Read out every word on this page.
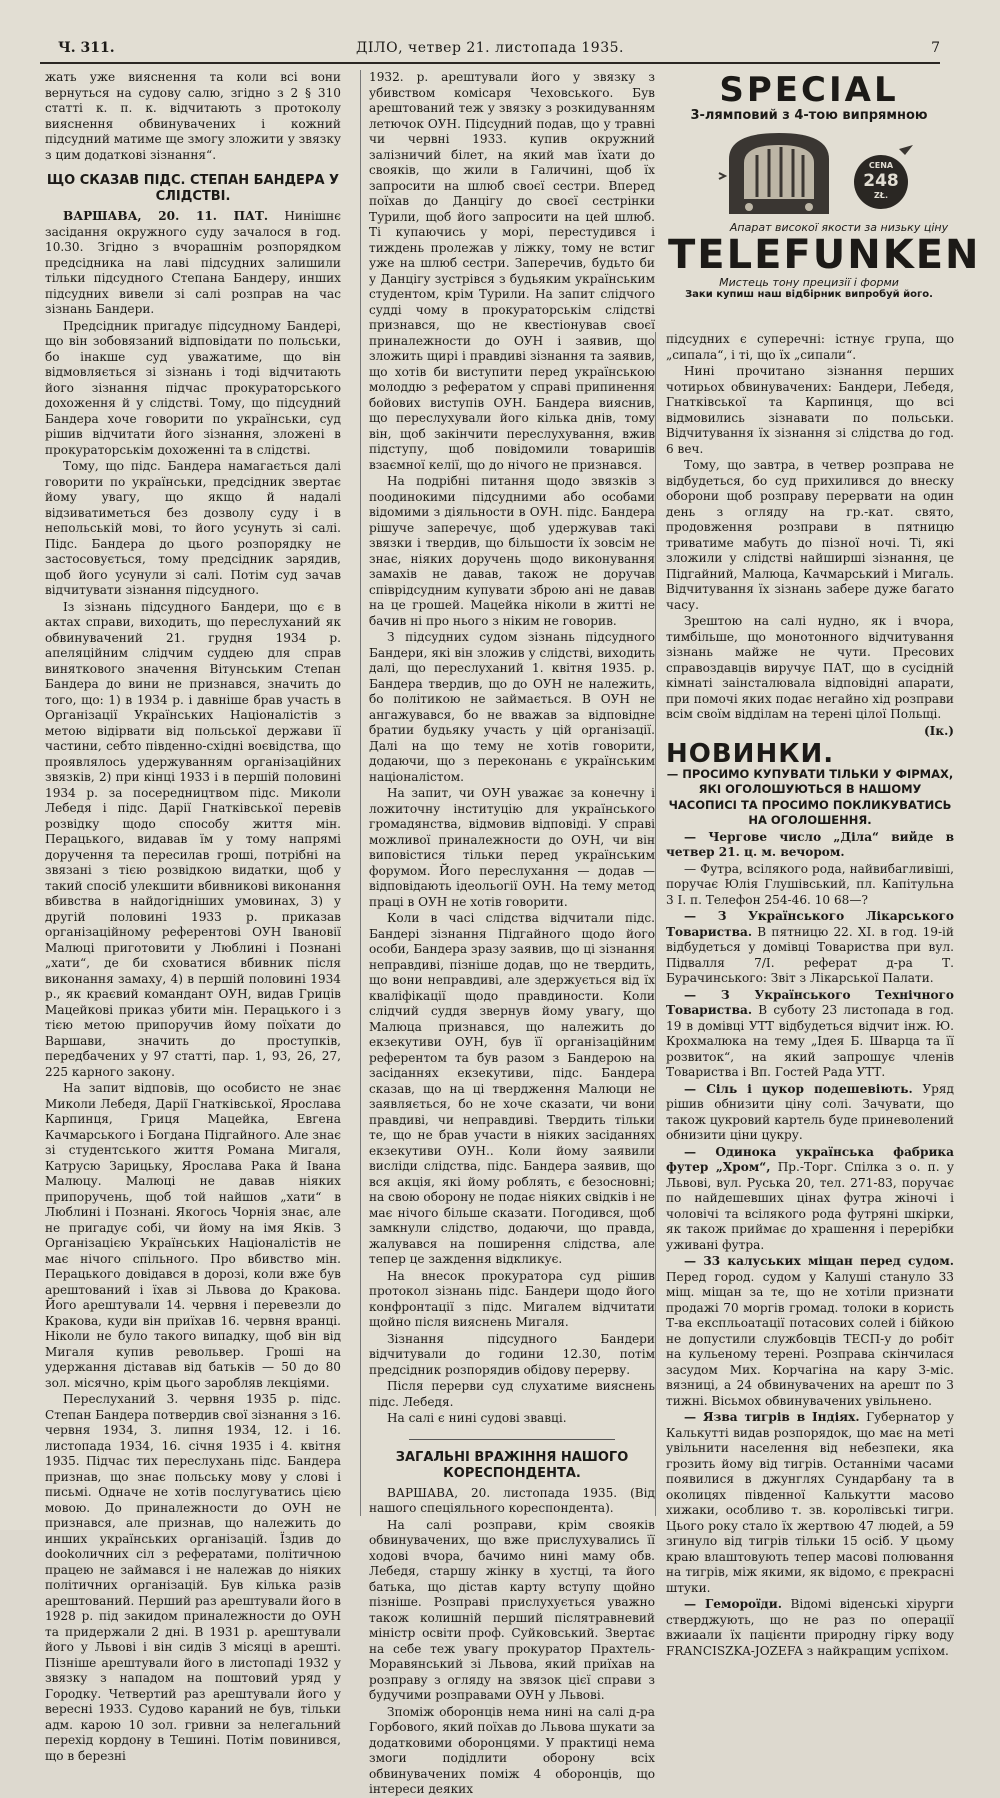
Ч. 311.	ДІЛО, четвер 21. листопада 1935.	7

жать уже вияснення та коли всі вони вернуться на судову салю, згідно з 2 § 310 статті к. п. к. відчитають з протоколу вияснення обвинувачених і кожний підсудний матиме ще змогу зложити у звязку з цим додаткові зізнання“.

ЩО СКАЗАВ ПІДС. СТЕПАН БАНДЕРА У СЛІДСТВІ.

ВАРШАВА, 20. 11. ПАТ. Нинішнє засідання окружного суду зачалося в год. 10.30. Згідно з вчорашнім розпорядком предсідника на лаві підсудних залишили тільки підсудного Степана Бандеру, инших підсудних вивели зі салі розправ на час зізнань Бандери.

Предсідник пригадує підсудному Бандері, що він зобовязаний відповідати по польськи, бо інакше суд уважатиме, що він відмовляється зі зізнань і тоді відчитають його зізнання підчас прокураторського дохоження й у слідстві. Тому, що підсудний Бандера хоче говорити по українськи, суд рішив відчитати його зізнання, зложені в прокураторськім дохоженні та в слідстві.

Тому, що підс. Бандера намагається далі говорити по українськи, предсідник звертає йому увагу, що якщо й надалі відзиватиметься без дозволу суду і в непольській мові, то його усунуть зі салі. Підс. Бандера до цього розпорядку не застосовується, тому предсідник зарядив, щоб його усунули зі салі. Потім суд зачав відчитувати зізнання підсудного.

Із зізнань підсудного Бандери, що є в актах справи, виходить, що переслуханий як обвинувачений 21. грудня 1934 р. апеляційним слідчим суддею для справ виняткового значення Вітунським Степан Бандера до вини не признався, значить до того, що: 1) в 1934 р. і давніше брав участь в Організації Українських Націоналістів з метою відірвати від польської держави її частини, себто південно-східні воєвідства, що проявлялось удержуванням організаційних звязків, 2) при кінці 1933 і в першій половині 1934 р. за посередництвом підс. Миколи Лебедя і підс. Дарії Гнатківської перевів розвідку щодо способу життя мін. Перацького, видавав їм у тому напрямі доручення та пересилав гроші, потрібні на звязані з тією розвідкою видатки, щоб у такий спосіб улекшити вбивникові виконання вбивства в найдогідніших умовинах, 3) у другій половині 1933 р. приказав організаційному референтові ОУН Івановії Малюці приготовити у Люблині і Познані „хати“, де би сховатися вбивник після виконання замаху, 4) в першій половині 1934 р., як краєвий командант ОУН, видав Гриців Мацейкові приказ убити мін. Перацького і з тією метою припоручив йому поїхати до Варшави, значить до проступків, передбачених у 97 статті, пар. 1, 93, 26, 27, 225 карного закону.

На запит відповів, що особисто не знає Миколи Лебедя, Дарії Гнатківської, Ярослава Карпинця, Гриця Мацейка, Евгена Качмарського і Богдана Підгайного. Але знає зі студентського життя Романа Мигаля, Катрусю Зарицьку, Ярослава Рака й Івана Малюцу. Малюці не давав ніяких припоручень, щоб той найшов „хати“ в Люблині і Познані. Якогось Чорнія знає, але не пригадує собі, чи йому на імя Яків. З Організацією Українських Націоналістів не має нічого спільного. Про вбивство мін. Перацького довідався в дорозі, коли вже був арештований і їхав зі Львова до Кракова. Його арештували 14. червня і перевезли до Кракова, куди він приїхав 16. червня вранці. Ніколи не було такого випадку, щоб він від Мигаля купив револьвер. Гроші на удержання діставав від батьків — 50 до 80 зол. місячно, крім цього заробляв лекціями.

Переслуханий 3. червня 1935 р. підс. Степан Бандера потвердив свої зізнання з 16. червня 1934, 3. липня 1934, 12. і 16. листопада 1934, 16. січня 1935 і 4. квітня 1935. Підчас тих переслухань підс. Бандера признав, що знає польську мову у слові і письмі. Одначе не хотів послугуватись цією мовою. До приналежности до ОУН не признався, але признав, що належить до инших українських організацій. Їздив до dookoличних сіл з рефератами, політичною працею не займався і не належав до ніяких політичних організацій. Був кілька разів арештований. Перший раз арештували його в 1928 р. під закидом приналежности до ОУН та придержали 2 дні. В 1931 р. арештували його у Львові і він сидів 3 місяці в арешті. Пізніше арештували його в листопаді 1932 у звязку з нападом на поштовий уряд у Городку. Четвертий раз арештували його у вересні 1933. Судово караний не був, тільки адм. карою 10 зол. гривни за нелегальний перехід кордону в Тешині. Потім повинився, що в березні

1932. р. арештували його у звязку з убивством комісаря Чеховського. Був арештований теж у звязку з розкидуванням летючок ОУН. Підсудний подав, що у травні чи червні 1933. купив окружний залізничий білет, на який мав їхати до свояків, що жили в Галичині, щоб їх запросити на шлюб своєї сестри. Вперед поїхав до Данцігу до своєї сестрінки Турили, щоб його запросити на цей шлюб. Ті купаючись у морі, перестудився і тиждень пролежав у ліжку, тому не встиг уже на шлюб сестри. Заперечив, будьто би у Данцігу зустрівся з будьяким українським студентом, крім Турили. На запит слідчого судді чому в прокураторськім слідстві признався, що не квестіонував своєї приналежности до ОУН і заявив, що зложить щирі і правдиві зізнання та заявив, що хотів би виступити перед українською молоддю з рефератом у справі припинення бойових виступів ОУН. Бандера вияснив, що переслухували його кілька днів, тому він, щоб закінчити переслухування, вжив підступу, щоб повідомили товаришів взаємної келії, що до нічого не признався.

На подрібні питання щодо звязків з поодинокими підсудними або особами відомими з діяльности в ОУН. підс. Бандера рішуче заперечує, щоб удержував такі звязки і твердив, що більшости їх зовсім не знає, ніяких доручень щодо виконування замахів не давав, також не доручав співрідсудним купувати зброю ані не давав на це грошей. Мацейка ніколи в житті не бачив ні про нього з ніким не говорив.

З підсудних судом зізнань підсудного Бандери, які він зложив у слідстві, виходить далі, що переслуханий 1. квітня 1935. р. Бандера твердив, що до ОУН не належить, бо політикою не займається. В ОУН не ангажувався, бо не вважав за відповідне братии будьяку участь у цій організації. Далі на що тему не хотів говорити, додаючи, що з переконань є українським націоналістом.

На запит, чи ОУН уважає за конечну і ложиточну інституцію для українського громадянства, відмовив відповіді. У справі можливої приналежности до ОУН, чи він виповістися тільки перед українським форумом. Його переслухання — додав — відповідають ідеольогії ОУН. На тему метод праці в ОУН не хотів говорити.

Коли в часі слідства відчитали підс. Бандері зізнання Підгайного щодо його особи, Бандера зразу заявив, що ці зізнання неправдиві, пізніше додав, що не твердить, що вони неправдиві, але здержується від їх кваліфікації щодо правдиности. Коли слідчий суддя звернув йому увагу, що Малюца признався, що належить до екзекутиви ОУН, був її організаційним референтом та був разом з Бандерою на засіданнях екзекутиви, підс. Бандера сказав, що на ці твердження Малюци не заявляється, бо не хоче сказати, чи вони правдиві, чи неправдиві. Твердить тільки те, що не брав участи в ніяких засіданнях екзекутиви ОУН.. Коли йому заявили висліди слідства, підс. Бандера заявив, що вся акція, які йому роблять, є безосновні; на свою оборону не подає ніяких свідків і не має нічого більше сказати. Погодився, щоб замкнули слідство, додаючи, що правда, жалувався на поширення слідства, але тепер це заждення відкликує.

На внесок прокуратора суд рішив протокол зізнань підс. Бандери щодо його конфронтації з підс. Мигалем відчитати щойно після вияснень Мигаля.

Зізнання підсудного Бандери відчитували до години 12.30, потім предсідник розпорядив обідову перерву.

Після перерви суд слухатиме вияснень підс. Лебедя.

На салі є нині судові звавці.

ЗАГАЛЬНІ ВРАЖІННЯ НАШОГО КОРЕСПОНДЕНТА.

ВАРШАВА, 20. листопада 1935. (Від нашого спеціяльного кореспондента).

На салі розправи, крім свояків обвинувачених, що вже прислухувались її ходові вчора, бачимо нині маму обв. Лебедя, старшу жінку в хустці, та його батька, що дістав карту вступу щойно пізніше. Розправі прислухується уважно також колишній перший післятравневий міністр освіти проф. Суйковський. Звертає на себе теж увагу прокуратор Прахтель-Моравянський зі Львова, який приїхав на розправу з огляду на звязок цієї справи з будучими розправами ОУН у Львові.

Зпоміж оборонців нема нині на салі д-ра Горбового, який поїхав до Львова шукати за додатковими оборонцями. У практиці нема змоги подідлити оборону всіх обвинувачених поміж 4 оборонців, що інтереси деяких

SPECIAL
3-лямповий з 4-тою випрямною
CENA
248
ZŁ.
Апарат високої якости за низьку ціну
TELEFUNKEN
Мистець тону прецизії і форми
Заки купиш наш відбірник випробуй його.

підсудних є суперечні: істнує група, що „сипала“, і ті, що їх „сипали“.

Нині прочитано зізнання перших чотирьох обвинувачених: Бандери, Лебедя, Гнатківської та Карпинця, що всі відмовились зізнавати по польськи. Відчитування їх зізнання зі слідства до год. 6 веч.

Тому, що завтра, в четвер розправа не відбудеться, бо суд прихилився до внеску оборони щоб розправу перервати на один день з огляду на гр.-кат. свято, продовження розправи в пятницю триватиме мабуть до пізної ночі. Ті, які зложили у слідстві найширші зізнання, це Підгайний, Малюца, Качмарський і Мигаль. Відчитування їх зізнань забере дуже багато часу.

Зрештою на салі нудно, як і вчора, тимбільше, що монотонного відчитування зізнань майже не чути. Пресових справоздавців виручує ПАТ, що в сусідній кімнаті заінсталювала відповідні апарати, при помочі яких подає негайно хід розправи всім своїм відділам на терені цілої Польщі.

(Ік.)
НОВИНКИ.

— ПРОСИМО КУПУВАТИ ТІЛЬКИ У ФІРМАХ, ЯКІ ОГОЛОШУЮТЬСЯ В НАШОМУ ЧАСОПИСІ ТА ПРОСИМО ПОКЛИКУВАТИСЬ НА ОГОЛОШЕННЯ.

— Чергове число „Діла“ вийде в четвер 21. ц. м. вечором.

— Футра, всілякого рода, найвибагливіші, поручає Юлія Глушівський, пл. Капітульна 3 I. п. Телефон 254-46. 10 68—?

— З Українського Лікарського Товариства. В пятницю 22. XI. в год. 19-ій відбудеться у домівці Товариства при вул. Підвалля 7/І. реферат д-ра Т. Бурачинського: Звіт з Лікарської Палати.

— З Українського Технічного Товариства. В суботу 23 листопада в год. 19 в домівці УТТ відбудеться відчит інж. Ю. Крохмалюка на тему „Ідея Б. Шварца та її розвиток“, на який запрошує членів Товариства і Вп. Гостей Рада УТТ.

— Сіль і цукор подешевіють. Уряд рішив обнизити ціну солі. Зачувати, що також цукровий картель буде приневолений обнизити ціни цукру.

— Одинока українська фабрика футер „Хром“, Пр.-Торг. Спілка з о. п. у Львові, вул. Руська 20, тел. 271-83, поручає по найдешевших цінах футра жіночі і чоловічі та всілякого рода футряні шкірки, як також приймає до храшення і перерібки уживані футра.

— 33 калуських міщан перед судом. Перед город. судом у Калуші стануло 33 міщ. міщан за те, що не хотіли признати продажі 70 моргів громад. толоки в користь Т-ва експльоатації потасових солей і бійкою не допустили службовців ТЕСП-у до робіт на кульеному терені. Розправа скінчилася засудом Мих. Корчагіна на кару 3-міс. вязниці, а 24 обвинувачених на арешт по 3 тижні. Вісьмох обвинувачених увільнено.

— Язва тигрів в Індіях. Губернатор у Калькутті видав розпорядок, що має на меті увільнити населення від небезпеки, яка грозить йому від тигрів. Останніми часами появилися в джунглях Сундарбану та в околицях південної Калькутти масово хижаки, особливо т. зв. королівські тигри. Цього року стало їх жертвою 47 людей, а 59 згинуло від тигрів тільки 15 осіб. У цьому краю влаштовують тепер масові полювання на тигрів, між якими, як відомо, є прекрасні штуки.

— Гемороїди. Відомі віденські хірурги стверджують, що не раз по операції вжиаали їх пацієнти природну гірку воду FRANCISZKA-JOZEFA з найкращим успіхом.
